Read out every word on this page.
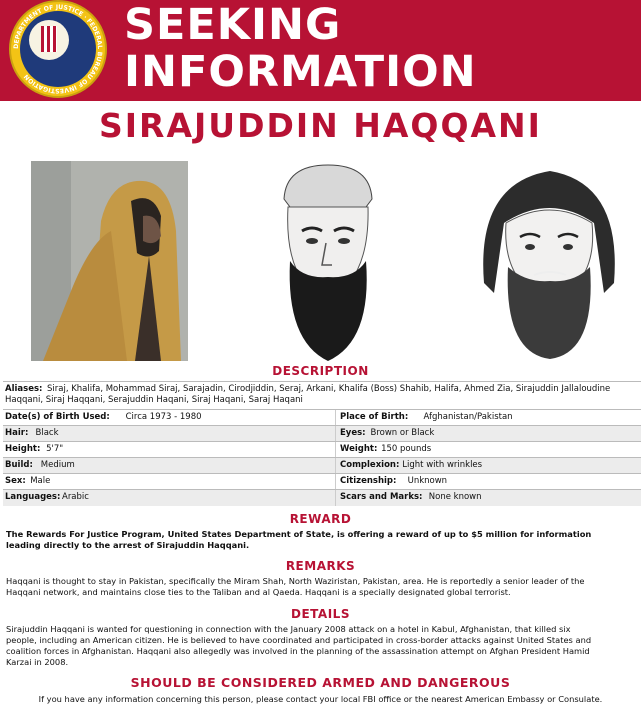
DEPARTMENT OF JUSTICE · FEDERAL BUREAU OF INVESTIGATION
SEEKING
INFORMATION
SIRAJUDDIN HAQQANI
DESCRIPTION
Aliases: Siraj, Khalifa, Mohammad Siraj, Sarajadin, Cirodjiddin, Seraj, Arkani, Khalifa (Boss) Shahib, Halifa, Ahmed Zia, Sirajuddin Jallaloudine
Haqqani, Siraj Haqqani, Serajuddin Haqani, Siraj Haqani, Saraj Haqani
Date(s) of Birth Used: Circa 1973 - 1980	Place of Birth: Afghanistan/Pakistan
Hair: Black	Eyes: Brown or Black
Height: 5'7"	Weight: 150 pounds
Build: Medium	Complexion: Light with wrinkles
Sex: Male	Citizenship: Unknown
Languages: Arabic	Scars and Marks: None known
REWARD
The Rewards For Justice Program, United States Department of State, is offering a reward of up to $5 million for information
leading directly to the arrest of Sirajuddin Haqqani.
REMARKS
Haqqani is thought to stay in Pakistan, specifically the Miram Shah, North Waziristan, Pakistan, area. He is reportedly a senior leader of the
Haqqani network, and maintains close ties to the Taliban and al Qaeda. Haqqani is a specially designated global terrorist.
DETAILS
Sirajuddin Haqqani is wanted for questioning in connection with the January 2008 attack on a hotel in Kabul, Afghanistan, that killed six
people, including an American citizen. He is believed to have coordinated and participated in cross-border attacks against United States and
coalition forces in Afghanistan. Haqqani also allegedly was involved in the planning of the assassination attempt on Afghan President Hamid
Karzai in 2008.
SHOULD BE CONSIDERED ARMED AND DANGEROUS
If you have any information concerning this person, please contact your local FBI office or the nearest American Embassy or Consulate.
